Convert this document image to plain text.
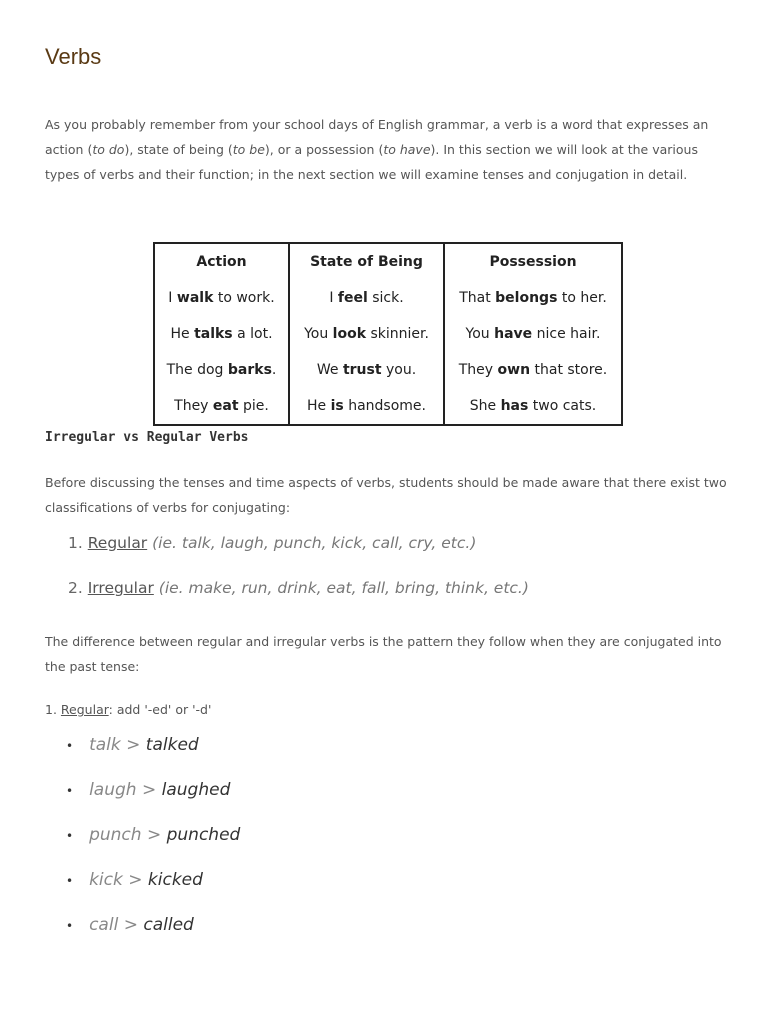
Verbs
As you probably remember from your school days of English grammar, a verb is a word that expresses an action (to do), state of being (to be), or a possession (to have). In this section we will look at the various types of verbs and their function; in the next section we will examine tenses and conjugation in detail.
Action	State of Being	Possession
I walk to work.	I feel sick.	That belongs to her.
He talks a lot.	You look skinnier.	You have nice hair.
The dog barks.	We trust you.	They own that store.
They eat pie.	He is handsome.	She has two cats.
Irregular vs Regular Verbs
Before discussing the tenses and time aspects of verbs, students should be made aware that there exist two classifications of verbs for conjugating:
1. Regular (ie. talk, laugh, punch, kick, call, cry, etc.)
2. Irregular (ie. make, run, drink, eat, fall, bring, think, etc.)
The difference between regular and irregular verbs is the pattern they follow when they are conjugated into the past tense:
1. Regular: add '-ed' or '-d'
• talk > talked
• laugh > laughed
• punch > punched
• kick > kicked
• call > called
